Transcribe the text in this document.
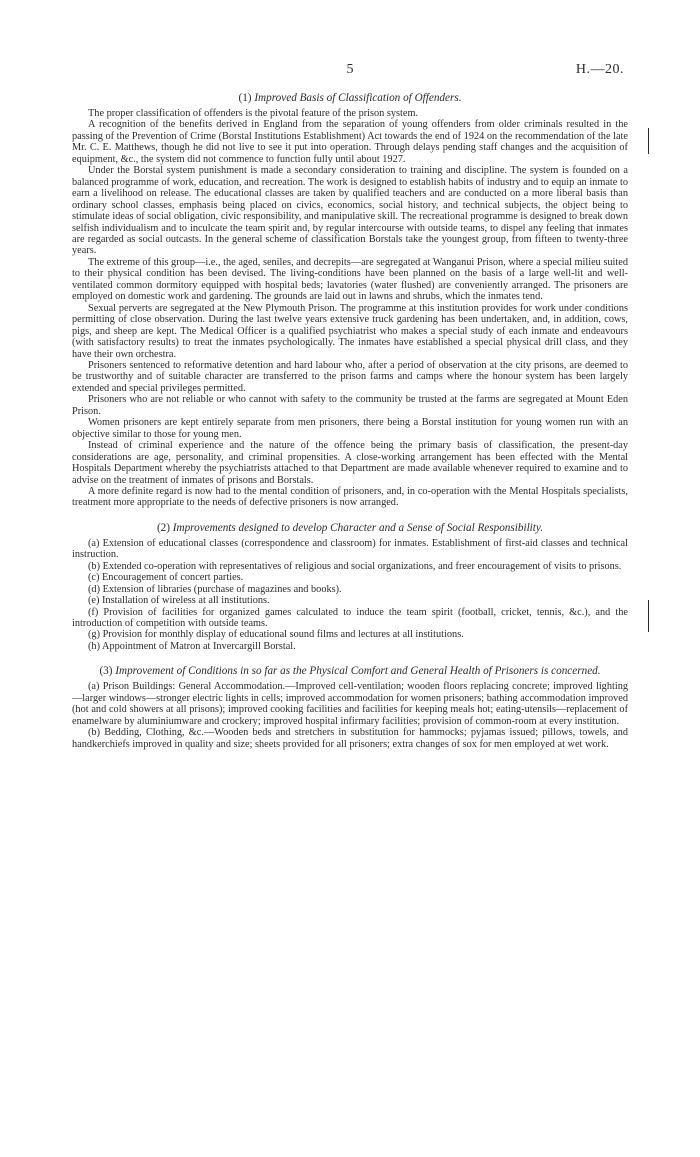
5	H.—20.
(1) Improved Basis of Classification of Offenders.

The proper classification of offenders is the pivotal feature of the prison system.

A recognition of the benefits derived in England from the separation of young offenders from older criminals resulted in the passing of the Prevention of Crime (Borstal Institutions Establishment) Act towards the end of 1924 on the recommendation of the late Mr. C. E. Matthews, though he did not live to see it put into operation. Through delays pending staff changes and the acquisition of equipment, &c., the system did not commence to function fully until about 1927.

Under the Borstal system punishment is made a secondary consideration to training and discipline. The system is founded on a balanced programme of work, education, and recreation. The work is designed to establish habits of industry and to equip an inmate to earn a livelihood on release. The educational classes are taken by qualified teachers and are conducted on a more liberal basis than ordinary school classes, emphasis being placed on civics, economics, social history, and technical subjects, the object being to stimulate ideas of social obligation, civic responsibility, and manipulative skill. The recreational programme is designed to break down selfish individualism and to inculcate the team spirit and, by regular intercourse with outside teams, to dispel any feeling that inmates are regarded as social outcasts. In the general scheme of classification Borstals take the youngest group, from fifteen to twenty-three years.

The extreme of this group—i.e., the aged, seniles, and decrepits—are segregated at Wanganui Prison, where a special milieu suited to their physical condition has been devised. The living-conditions have been planned on the basis of a large well-lit and well-ventilated common dormitory equipped with hospital beds; lavatories (water flushed) are conveniently arranged. The prisoners are employed on domestic work and gardening. The grounds are laid out in lawns and shrubs, which the inmates tend.

Sexual perverts are segregated at the New Plymouth Prison. The programme at this institution provides for work under conditions permitting of close observation. During the last twelve years extensive truck gardening has been undertaken, and, in addition, cows, pigs, and sheep are kept. The Medical Officer is a qualified psychiatrist who makes a special study of each inmate and endeavours (with satisfactory results) to treat the inmates psychologically. The inmates have established a special physical drill class, and they have their own orchestra.

Prisoners sentenced to reformative detention and hard labour who, after a period of observation at the city prisons, are deemed to be trustworthy and of suitable character are transferred to the prison farms and camps where the honour system has been largely extended and special privileges permitted.

Prisoners who are not reliable or who cannot with safety to the community be trusted at the farms are segregated at Mount Eden Prison.

Women prisoners are kept entirely separate from men prisoners, there being a Borstal institution for young women run with an objective similar to those for young men.

Instead of criminal experience and the nature of the offence being the primary basis of classification, the present-day considerations are age, personality, and criminal propensities. A close-working arrangement has been effected with the Mental Hospitals Department whereby the psychiatrists attached to that Department are made available whenever required to examine and to advise on the treatment of inmates of prisons and Borstals.

A more definite regard is now had to the mental condition of prisoners, and, in co-operation with the Mental Hospitals specialists, treatment more appropriate to the needs of defective prisoners is now arranged.

(2) Improvements designed to develop Character and a Sense of Social Responsibility.

(a) Extension of educational classes (correspondence and classroom) for inmates. Establishment of first-aid classes and technical instruction.

(b) Extended co-operation with representatives of religious and social organizations, and freer encouragement of visits to prisons.

(c) Encouragement of concert parties.

(d) Extension of libraries (purchase of magazines and books).

(e) Installation of wireless at all institutions.

(f) Provision of facilities for organized games calculated to induce the team spirit (football, cricket, tennis, &c.), and the introduction of competition with outside teams.

(g) Provision for monthly display of educational sound films and lectures at all institutions.

(h) Appointment of Matron at Invercargill Borstal.

(3) Improvement of Conditions in so far as the Physical Comfort and General Health of Prisoners is concerned.

(a) Prison Buildings: General Accommodation.—Improved cell-ventilation; wooden floors replacing concrete; improved lighting—larger windows—stronger electric lights in cells; improved accommodation for women prisoners; bathing accommodation improved (hot and cold showers at all prisons); improved cooking facilities and facilities for keeping meals hot; eating-utensils—replacement of enamelware by aluminiumware and crockery; improved hospital infirmary facilities; provision of common-room at every institution.

(b) Bedding, Clothing, &c.—Wooden beds and stretchers in substitution for hammocks; pyjamas issued; pillows, towels, and handkerchiefs improved in quality and size; sheets provided for all prisoners; extra changes of sox for men employed at wet work.
